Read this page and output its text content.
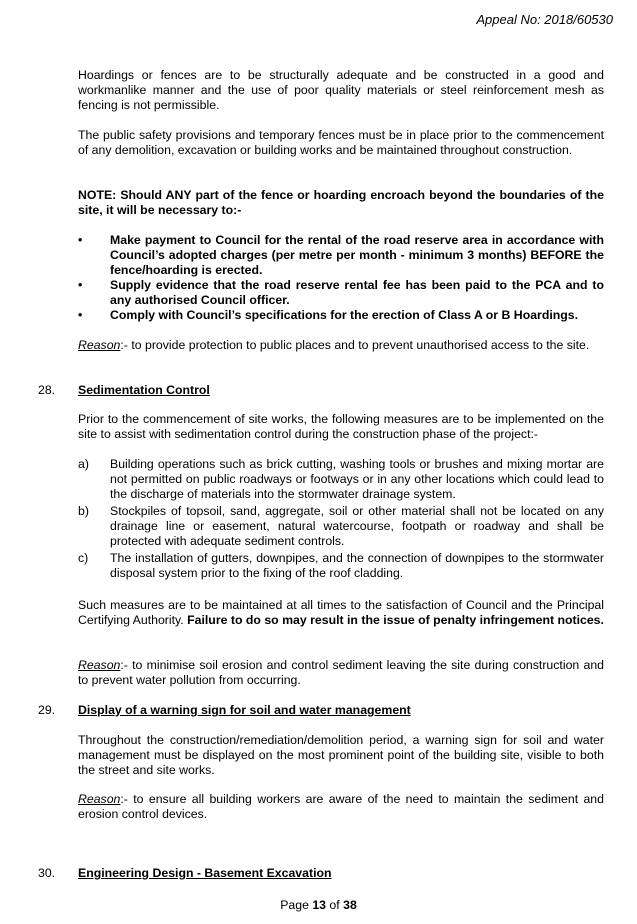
Appeal No: 2018/60530
Hoardings or fences are to be structurally adequate and be constructed in a good and workmanlike manner and the use of poor quality materials or steel reinforcement mesh as fencing is not permissible.
The public safety provisions and temporary fences must be in place prior to the commencement of any demolition, excavation or building works and be maintained throughout construction.
NOTE: Should ANY part of the fence or hoarding encroach beyond the boundaries of the site, it will be necessary to:-
• Make payment to Council for the rental of the road reserve area in accordance with Council’s adopted charges (per metre per month - minimum 3 months) BEFORE the fence/hoarding is erected.
• Supply evidence that the road reserve rental fee has been paid to the PCA and to any authorised Council officer.
• Comply with Council’s specifications for the erection of Class A or B Hoardings.
Reason:- to provide protection to public places and to prevent unauthorised access to the site.
28. Sedimentation Control
Prior to the commencement of site works, the following measures are to be implemented on the site to assist with sedimentation control during the construction phase of the project:-
a) Building operations such as brick cutting, washing tools or brushes and mixing mortar are not permitted on public roadways or footways or in any other locations which could lead to the discharge of materials into the stormwater drainage system.
b) Stockpiles of topsoil, sand, aggregate, soil or other material shall not be located on any drainage line or easement, natural watercourse, footpath or roadway and shall be protected with adequate sediment controls.
c) The installation of gutters, downpipes, and the connection of downpipes to the stormwater disposal system prior to the fixing of the roof cladding.
Such measures are to be maintained at all times to the satisfaction of Council and the Principal Certifying Authority. Failure to do so may result in the issue of penalty infringement notices.
Reason:- to minimise soil erosion and control sediment leaving the site during construction and to prevent water pollution from occurring.
29. Display of a warning sign for soil and water management
Throughout the construction/remediation/demolition period, a warning sign for soil and water management must be displayed on the most prominent point of the building site, visible to both the street and site works.
Reason:- to ensure all building workers are aware of the need to maintain the sediment and erosion control devices.
30. Engineering Design - Basement Excavation
Page 13 of 38
